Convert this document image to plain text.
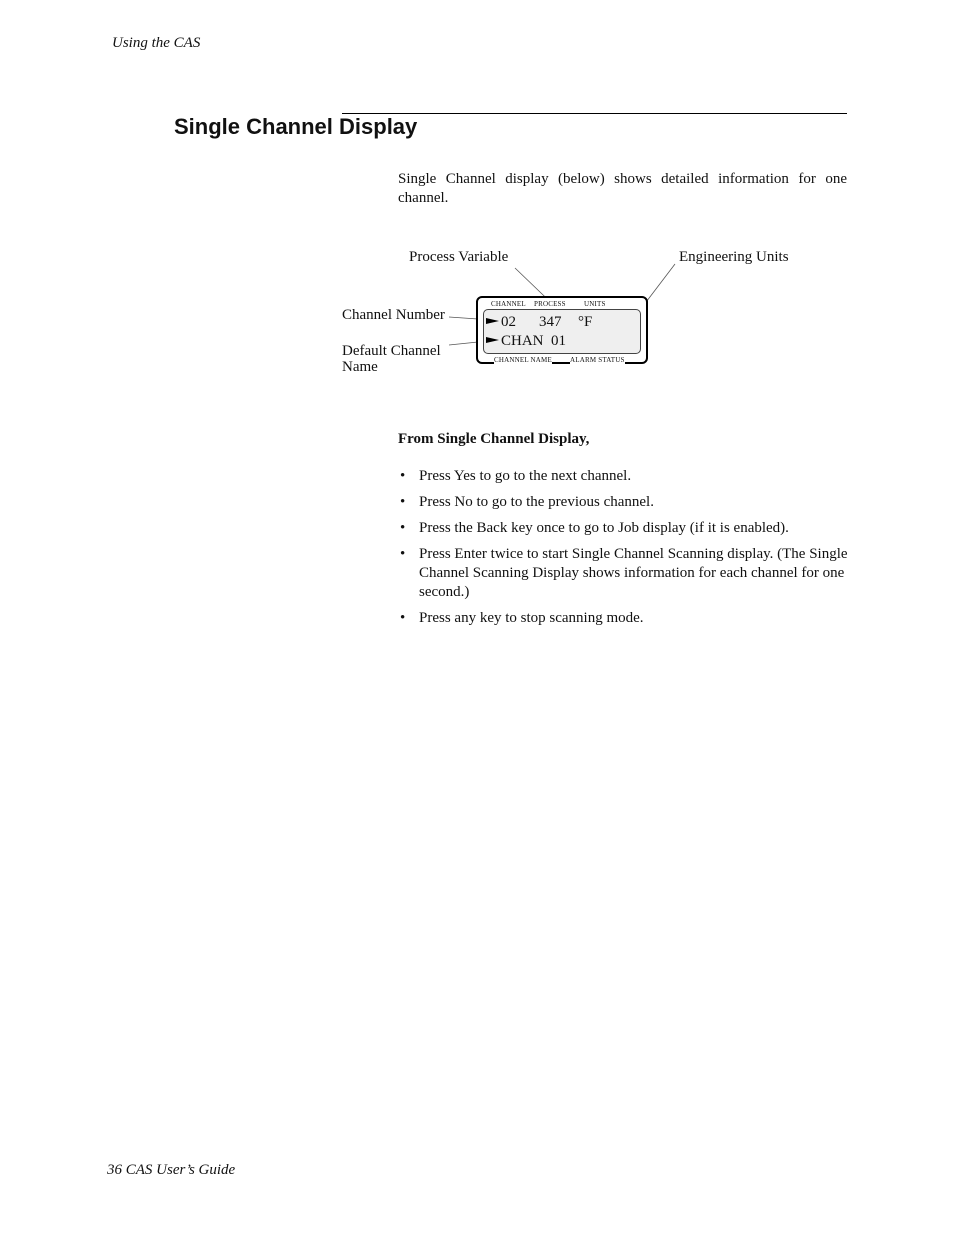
Using the CAS
Single Channel Display

Single Channel display (below) shows detailed information for one channel.

Process Variable	Engineering Units
Channel Number
Default Channel Name
CHANNEL PROCESS	UNITS
02 347 °F
CHAN  01
CHANNEL NAME	ALARM STATUS

From Single Channel Display,

• Press Yes to go to the next channel.
• Press No to go to the previous channel.
• Press the Back key once to go to Job display (if it is enabled).
• Press Enter twice to start Single Channel Scanning display. (The Single Channel Scanning Display shows information for each channel for one second.)
• Press any key to stop scanning mode.
36 CAS User’s Guide
